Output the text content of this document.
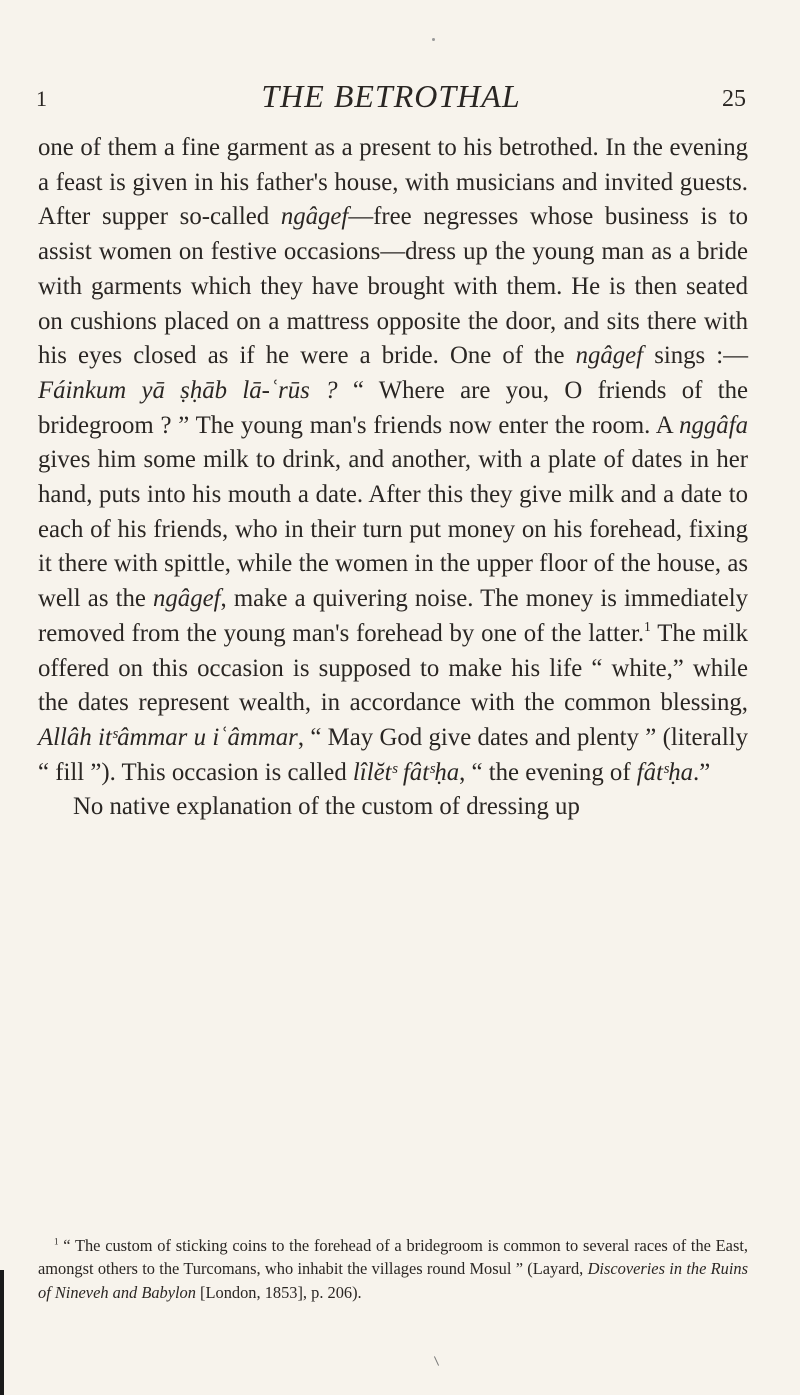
1	THE BETROTHAL	25

one of them a fine garment as a present to his betrothed. In the evening a feast is given in his father's house, with musicians and invited guests. After supper so-called ngâgef—free negresses whose business is to assist women on festive occasions—dress up the young man as a bride with garments which they have brought with them. He is then seated on cushions placed on a mattress opposite the door, and sits there with his eyes closed as if he were a bride. One of the ngâgef sings :—Fáinkum yā ṣḥāb lā-ʿrūs ? “ Where are you, O friends of the bridegroom ? ” The young man's friends now enter the room. A nggâfa gives him some milk to drink, and another, with a plate of dates in her hand, puts into his mouth a date. After this they give milk and a date to each of his friends, who in their turn put money on his forehead, fixing it there with spittle, while the women in the upper floor of the house, as well as the ngâgef, make a quivering noise. The money is immediately removed from the young man's forehead by one of the latter.$^1$ The milk offered on this occasion is supposed to make his life “ white,” while the dates represent wealth, in accordance with the common blessing, Allâh itˢâmmar u iʿâmmar, “ May God give dates and plenty ” (literally “ fill ”). This occasion is called lîlĕtˢ fâtˢḥa, “ the evening of fâtˢḥa.”

No native explanation of the custom of dressing up

$^1$ “ The custom of sticking coins to the forehead of a bridegroom is common to several races of the East, amongst others to the Turcomans, who inhabit the villages round Mosul ” (Layard, Discoveries in the Ruins of Nineveh and Babylon [London, 1853], p. 206).
